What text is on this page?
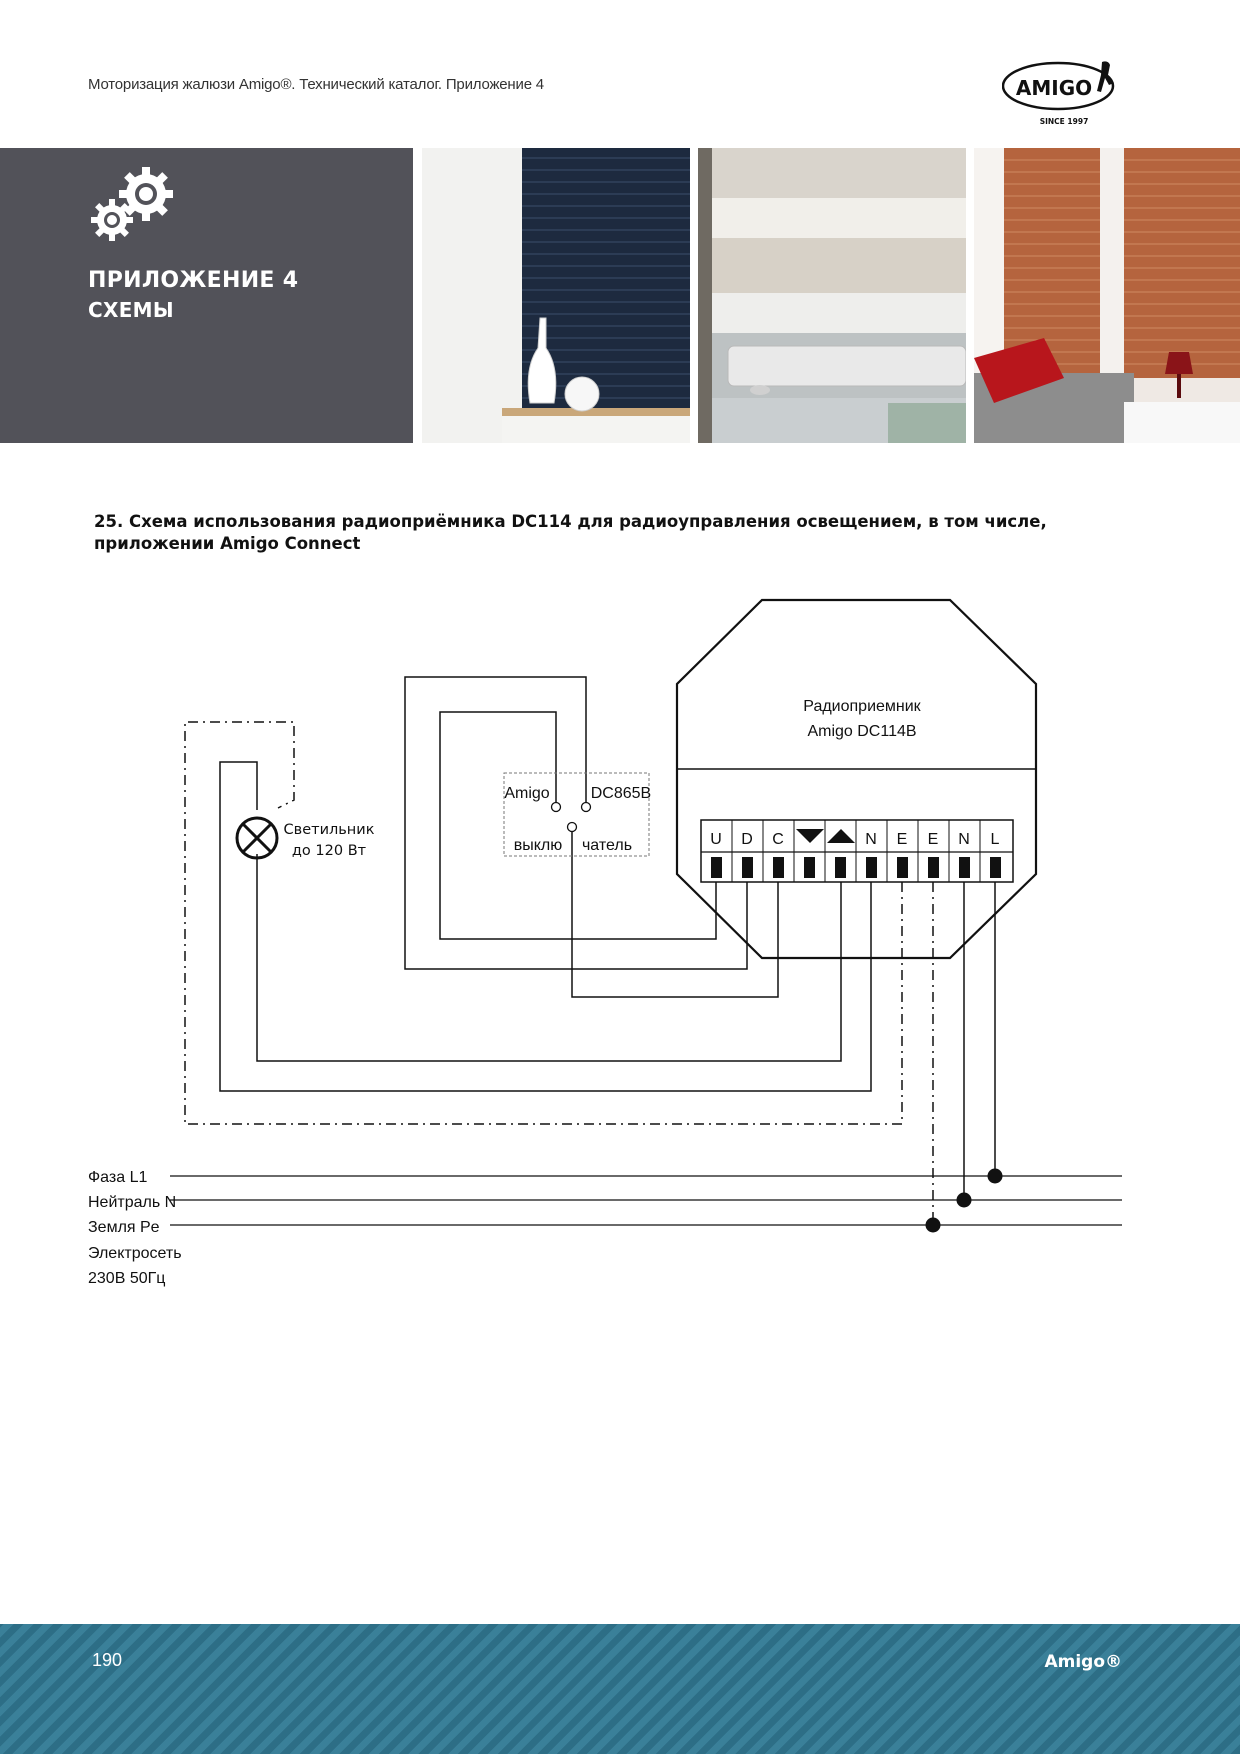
Моторизация жалюзи Amigo®. Технический каталог. Приложение 4	AMIGO
SINCE 1997
ПРИЛОЖЕНИЕ 4
СХЕМЫ
25. Схема использования радиоприёмника DC114 для радиоуправления освещением, в том числе, приложении Amigo Connect
U D C	N E E N L
Радиоприемник
Amigo DC114B
Amigo	DC865B
выклю чатель
Светильник
до 120 Вт
Фаза L1
Нейтраль N
Земля Pe
Электросеть
230В 50Гц
190	Amigo®
